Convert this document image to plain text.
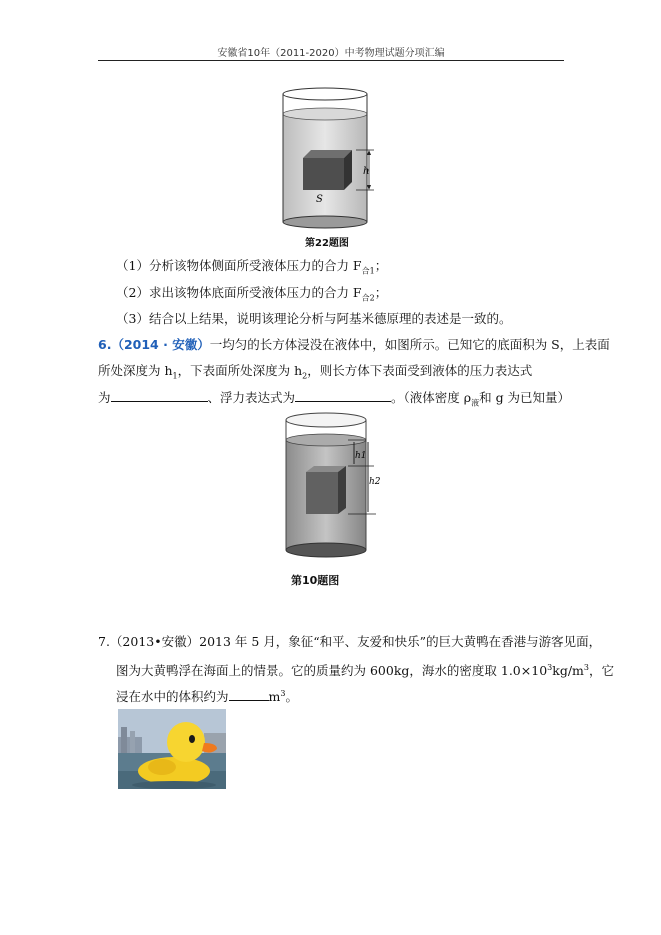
安徽省10年（2011-2020）中考物理试题分项汇编
h
S
第22题图
（1）分析该物体侧面所受液体压力的合力 $F_{合1}$；
（2）求出该物体底面所受液体压力的合力 $F_{合2}$；
（3）结合以上结果，说明该理论分析与阿基米德原理的表述是一致的。
6.（2014 · 安徽）一均匀的长方体浸没在液体中，如图所示。已知它的底面积为 S，上表面
所处深度为 $h_1$，下表面所处深度为 $h_2$，则长方体下表面受到液体的压力表达式
为	、浮力表达式为	。（液体密度 $\rho_液$和 g 为已知量）
h1
h2
第10题图
7.（2013•安徽）2013 年 5 月，象征“和平、友爱和快乐”的巨大黄鸭在香港与游客见面，
图为大黄鸭浮在海面上的情景。它的质量约为 600kg，海水的密度取 $1.0\times 10^3kg/m^3$，它
浸在水中的体积约为	$m^3$。
